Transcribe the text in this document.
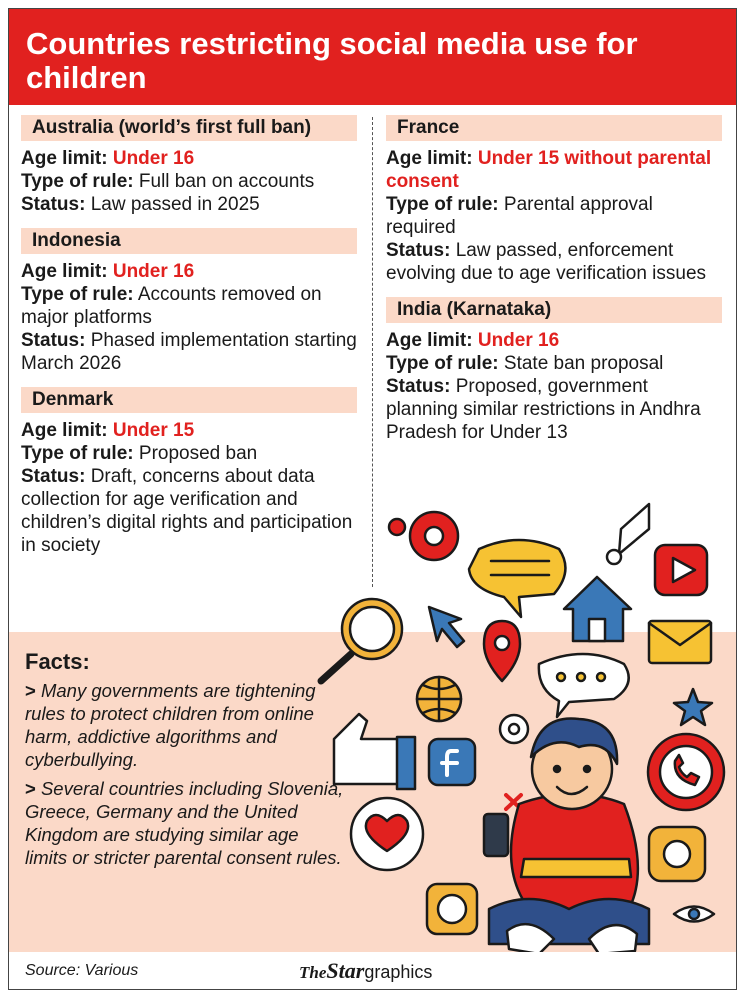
Countries restricting social media use for children
Australia (world’s first full ban)
Age limit: Under 16
Type of rule: Full ban on accounts
Status: Law passed in 2025
Indonesia
Age limit: Under 16
Type of rule: Accounts removed on major platforms
Status: Phased implementation starting March 2026
Denmark
Age limit: Under 15
Type of rule: Proposed ban
Status: Draft, concerns about data collection for age verification and children’s digital rights and participation in society
France
Age limit: Under 15 without parental consent
Type of rule: Parental approval required
Status: Law passed, enforcement evolving due to age verification issues
India (Karnataka)
Age limit: Under 16
Type of rule: State ban proposal
Status: Proposed, government planning similar restrictions in Andhra Pradesh for Under 13
Facts:
> Many governments are tightening rules to protect children from online harm, addictive algorithms and cyberbullying.
> Several countries including Slovenia, Greece, Germany and the United Kingdom are studying similar age limits or stricter parental consent rules.
Source: Various	TheStargraphics
